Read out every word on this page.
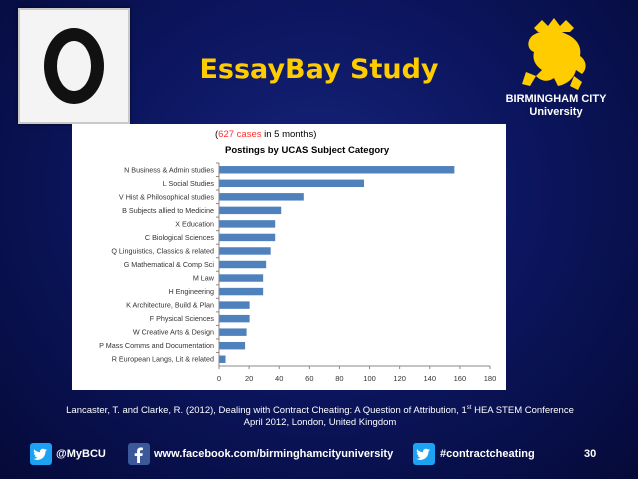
EssayBay Study
BIRMINGHAM CITY
University
(627 cases in 5 months)
Postings by UCAS Subject Category
N Business & Admin studies
L Social Studies
V Hist & Philosophical studies
B Subjects allied to Medicine
X Education
C Biological Sciences
Q Linguistics, Classics & related
G Mathematical & Comp Sci
M Law
H Engineering
K Architecture, Build & Plan
F Physical Sciences
W Creative Arts & Design
P Mass Comms and Documentation
R European Langs, Lit & related
0	20	40	60	80	100 120 140 160 180
Lancaster, T. and Clarke, R. (2012), Dealing with Contract Cheating: A Question of Attribution, 1st HEA STEM Conference
April 2012, London, United Kingdom
@MyBCU	www.facebook.com/birminghamcityuniversity	#contractcheating	30
